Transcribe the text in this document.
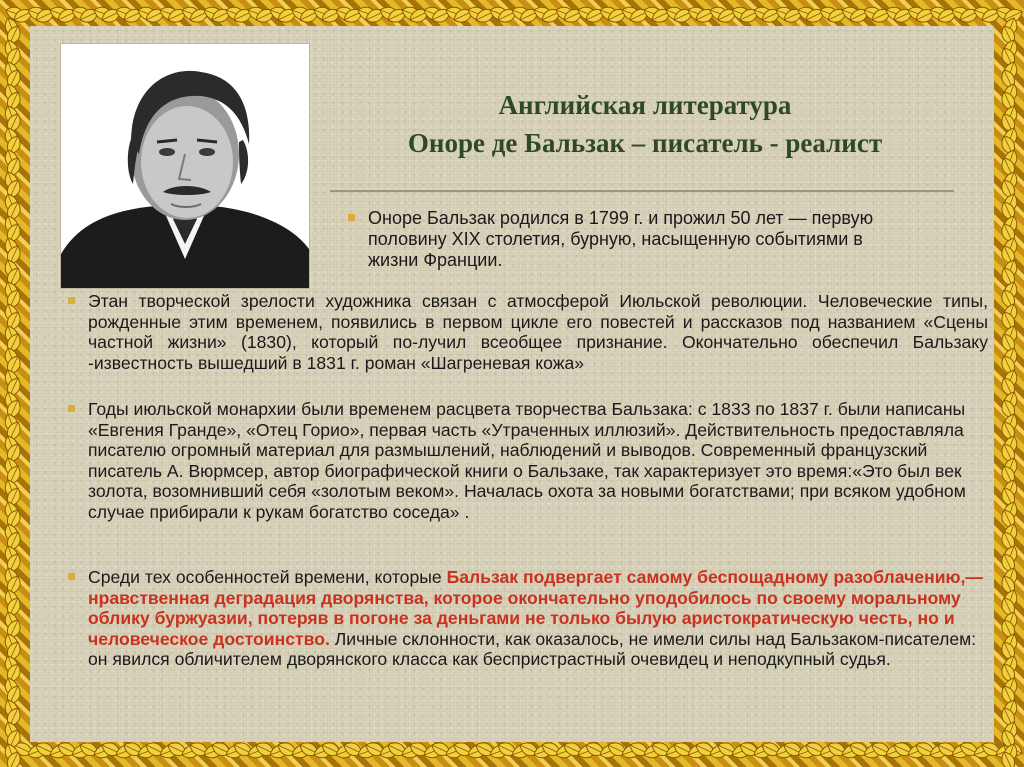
Английская литература
Оноре де Бальзак – писатель - реалист
Оноре Бальзак родился в 1799 г. и прожил 50 лет — первую половину XIX столетия, бурную, насыщенную событиями в жизни Франции.
Этан творческой зрелости художника связан с атмосферой Июльской революции. Человеческие типы, рожденные этим временем, появились в первом цикле его повестей и рассказов под названием «Сцены частной жизни» (1830), который по-лучил всеобщее признание. Окончательно обеспечил Бальзаку -известность вышедший в 1831 г. роман «Шагреневая кожа»
Годы июльской монархии были временем расцвета творчества Бальзака: с 1833 по 1837 г. были написаны «Евгения Гранде», «Отец Горио», первая часть «Утраченных иллюзий». Действительность предоставляла писателю огромный материал для размышлений, наблюдений и выводов. Современный французский писатель А. Вюрмсер, автор биографической книги о Бальзаке, так характеризует это время:«Это был век золота, возомнивший себя «золотым веком». Началась охота за новыми богатствами; при всяком удобном случае прибирали к рукам богатство соседа» .
Среди тех особенностей времени, которые Бальзак подвергает самому беспощадному разоблачению,— нравственная деградация дворянства, которое окончательно уподобилось по своему моральному облику буржуазии, потеряв в погоне за деньгами не только былую аристократическую честь, но и человеческое достоинство. Личные склонности, как оказалось, не имели силы над Бальзаком-писателем: он явился обличителем дворянского класса как беспристрастный очевидец и неподкупный судья.
